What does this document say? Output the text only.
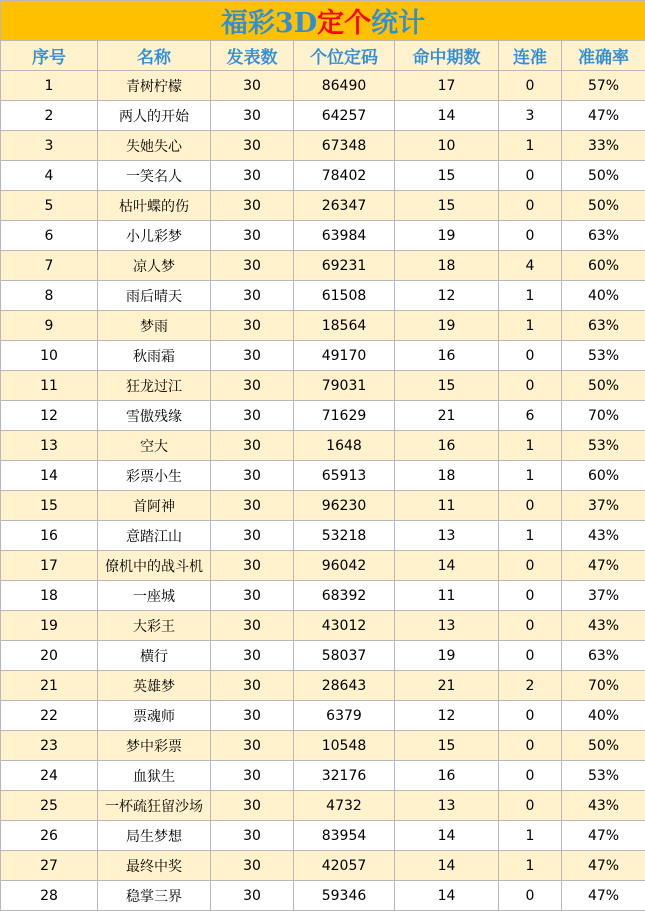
福彩3D定个统计						
序号	名称	发表数	个位定码	命中期数	连准	准确率
1	青树柠檬	30	86490	17	0	57%
2	两人的开始	30	64257	14	3	47%
3	失她失心	30	67348	10	1	33%
4	一笑名人	30	78402	15	0	50%
5	枯叶蝶的伤	30	26347	15	0	50%
6	小儿彩梦	30	63984	19	0	63%
7	凉人梦	30	69231	18	4	60%
8	雨后晴天	30	61508	12	1	40%
9	梦雨	30	18564	19	1	63%
10	秋雨霜	30	49170	16	0	53%
11	狂龙过江	30	79031	15	0	50%
12	雪傲残缘	30	71629	21	6	70%
13	空大	30	1648	16	1	53%
14	彩票小生	30	65913	18	1	60%
15	首阿神	30	96230	11	0	37%
16	意踏江山	30	53218	13	1	43%
17	僚机中的战斗机	30	96042	14	0	47%
18	一座城	30	68392	11	0	37%
19	大彩王	30	43012	13	0	43%
20	横行	30	58037	19	0	63%
21	英雄梦	30	28643	21	2	70%
22	票魂师	30	6379	12	0	40%
23	梦中彩票	30	10548	15	0	50%
24	血狱生	30	32176	16	0	53%
25	一杯疏狂留沙场	30	4732	13	0	43%
26	局生梦想	30	83954	14	1	47%
27	最终中奖	30	42057	14	1	47%
28	稳掌三界	30	59346	14	0	47%
